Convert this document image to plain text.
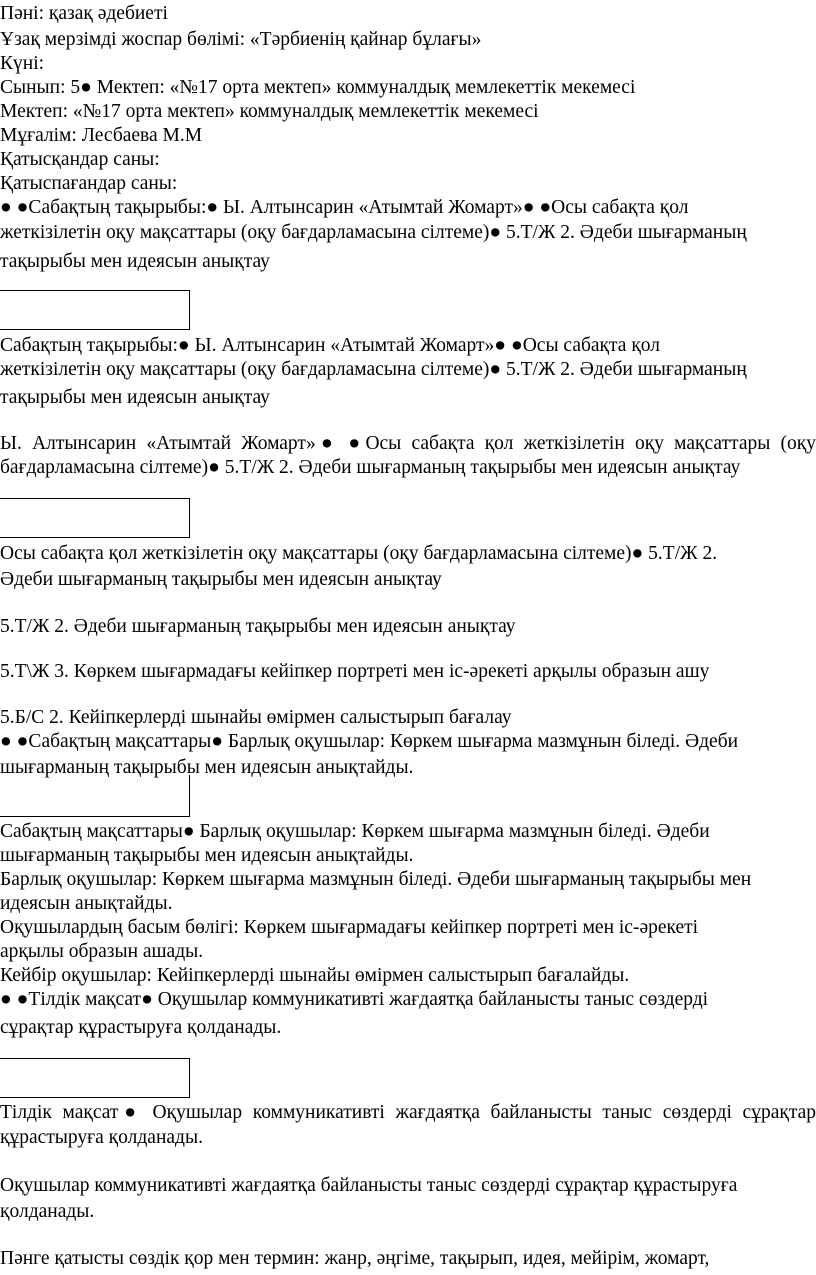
Пәні: қазақ әдебиеті
Ұзақ мерзімді жоспар бөлімі: «Тәрбиенің қайнар бұлағы»
Күні:
Сынып: 5● Мектеп: «№17 орта мектеп» коммуналдық мемлекеттік мекемесі
Мектеп: «№17 орта мектеп» коммуналдық мемлекеттік мекемесі
Мұғалім: Лесбаева М.М
Қатысқандар саны:
Қатыспағандар саны:
● ●Сабақтың тақырыбы:● Ы. Алтынсарин «Атымтай Жомарт»● ●Осы сабақта қол
жеткізілетін оқу мақсаттары (оқу бағдарламасына сілтеме)● 5.Т/Ж 2. Әдеби шығарманың
тақырыбы мен идеясын анықтау
Сабақтың тақырыбы:● Ы. Алтынсарин «Атымтай Жомарт»● ●Осы сабақта қол
жеткізілетін оқу мақсаттары (оқу бағдарламасына сілтеме)● 5.Т/Ж 2. Әдеби шығарманың
тақырыбы мен идеясын анықтау
Ы. Алтынсарин «Атымтай Жомарт»● ●Осы сабақта қол жеткізілетін оқу мақсаттары (оқу
бағдарламасына сілтеме)● 5.Т/Ж 2. Әдеби шығарманың тақырыбы мен идеясын анықтау
Осы сабақта қол жеткізілетін оқу мақсаттары (оқу бағдарламасына сілтеме)● 5.Т/Ж 2.
Әдеби шығарманың тақырыбы мен идеясын анықтау
5.Т/Ж 2. Әдеби шығарманың тақырыбы мен идеясын анықтау
5.Т\Ж 3. Көркем шығармадағы кейіпкер портреті мен іс-әрекеті арқылы образын ашу
5.Б/С 2. Кейіпкерлерді шынайы өмірмен салыстырып бағалау
● ●Сабақтың мақсаттары● Барлық оқушылар: Көркем шығарма мазмұнын біледі. Әдеби
шығарманың тақырыбы мен идеясын анықтайды.
Сабақтың мақсаттары● Барлық оқушылар: Көркем шығарма мазмұнын біледі. Әдеби
шығарманың тақырыбы мен идеясын анықтайды.
Барлық оқушылар: Көркем шығарма мазмұнын біледі. Әдеби шығарманың тақырыбы мен
идеясын анықтайды.
Оқушылардың басым бөлігі: Көркем шығармадағы кейіпкер портреті мен іс-әрекеті
арқылы образын ашады.
Кейбір оқушылар: Кейіпкерлерді шынайы өмірмен салыстырып бағалайды.
● ●Тілдік мақсат● Оқушылар коммуникативті жағдаятқа байланысты таныс сөздерді
сұрақтар құрастыруға қолданады.
Тілдік мақсат● Оқушылар коммуникативті жағдаятқа байланысты таныс сөздерді сұрақтар
құрастыруға қолданады.
Оқушылар коммуникативті жағдаятқа байланысты таныс сөздерді сұрақтар құрастыруға
қолданады.
Пәнге қатысты сөздік қор мен термин: жанр, әңгіме, тақырып, идея, мейірім, жомарт,
